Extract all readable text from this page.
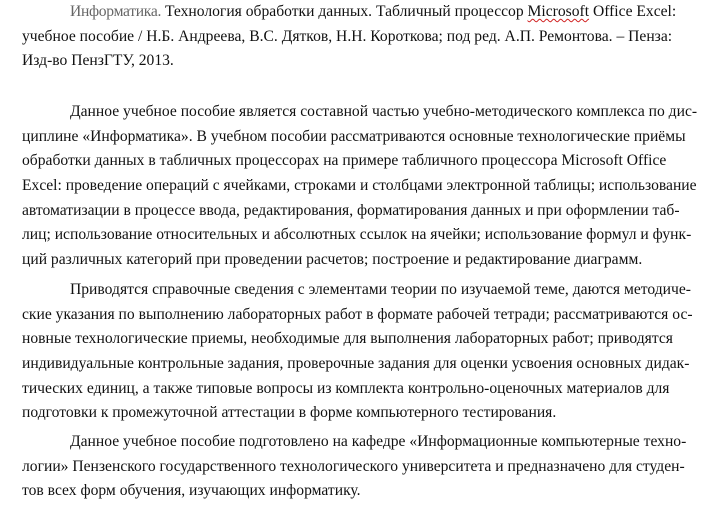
Информатика. Технология обработки данных. Табличный процессор Microsoft Office Excel:
учебное пособие / Н.Б. Андреева, В.С. Дятков, Н.Н. Короткова; под ред. А.П. Ремонтова. – Пенза:
Изд-во ПензГТУ, 2013.
Данное учебное пособие является составной частью учебно-методического комплекса по дис-
циплине «Информатика». В учебном пособии рассматриваются основные технологические приёмы
обработки данных в табличных процессорах на примере табличного процессора Microsoft Office
Excel: проведение операций с ячейками, строками и столбцами электронной таблицы; использование
автоматизации в процессе ввода, редактирования, форматирования данных и при оформлении таб-
лиц; использование относительных и абсолютных ссылок на ячейки; использование формул и функ-
ций различных категорий при проведении расчетов; построение и редактирование диаграмм.
Приводятся справочные сведения с элементами теории по изучаемой теме, даются методиче-
ские указания по выполнению лабораторных работ в формате рабочей тетради; рассматриваются ос-
новные технологические приемы, необходимые для выполнения лабораторных работ; приводятся
индивидуальные контрольные задания, проверочные задания для оценки усвоения основных дидак-
тических единиц, а также типовые вопросы из комплекта контрольно-оценочных материалов для
подготовки к промежуточной аттестации в форме компьютерного тестирования.
Данное учебное пособие подготовлено на кафедре «Информационные компьютерные техно-
логии» Пензенского государственного технологического университета и предназначено для студен-
тов всех форм обучения, изучающих информатику.
